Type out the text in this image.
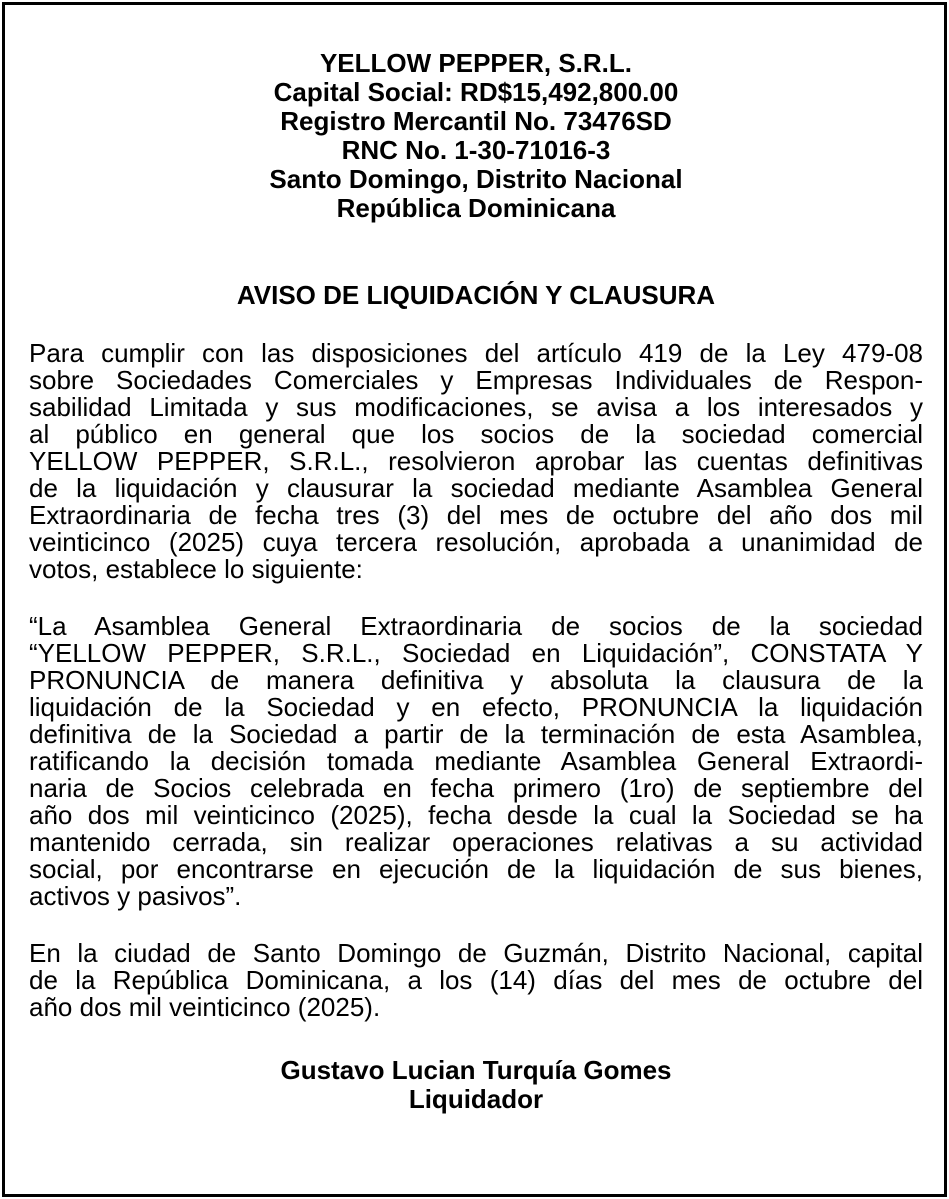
YELLOW PEPPER, S.R.L.
Capital Social: RD$15,492,800.00
Registro Mercantil No. 73476SD
RNC No. 1-30-71016-3
Santo Domingo, Distrito Nacional
República Dominicana
AVISO DE LIQUIDACIÓN Y CLAUSURA
Para cumplir con las disposiciones del artículo 419 de la Ley 479-08
sobre Sociedades Comerciales y Empresas Individuales de Respon-
sabilidad Limitada y sus modificaciones, se avisa a los interesados y
al público en general que los socios de la sociedad comercial
YELLOW PEPPER, S.R.L., resolvieron aprobar las cuentas definitivas
de la liquidación y clausurar la sociedad mediante Asamblea General
Extraordinaria de fecha tres (3) del mes de octubre del año dos mil
veinticinco (2025) cuya tercera resolución, aprobada a unanimidad de
votos, establece lo siguiente:
“La Asamblea General Extraordinaria de socios de la sociedad
“YELLOW PEPPER, S.R.L., Sociedad en Liquidación”, CONSTATA Y
PRONUNCIA de manera definitiva y absoluta la clausura de la
liquidación de la Sociedad y en efecto, PRONUNCIA la liquidación
definitiva de la Sociedad a partir de la terminación de esta Asamblea,
ratificando la decisión tomada mediante Asamblea General Extraordi-
naria de Socios celebrada en fecha primero (1ro) de septiembre del
año dos mil veinticinco (2025), fecha desde la cual la Sociedad se ha
mantenido cerrada, sin realizar operaciones relativas a su actividad
social, por encontrarse en ejecución de la liquidación de sus bienes,
activos y pasivos”.
En la ciudad de Santo Domingo de Guzmán, Distrito Nacional, capital
de la República Dominicana, a los (14) días del mes de octubre del
año dos mil veinticinco (2025).
Gustavo Lucian Turquía Gomes
Liquidador
